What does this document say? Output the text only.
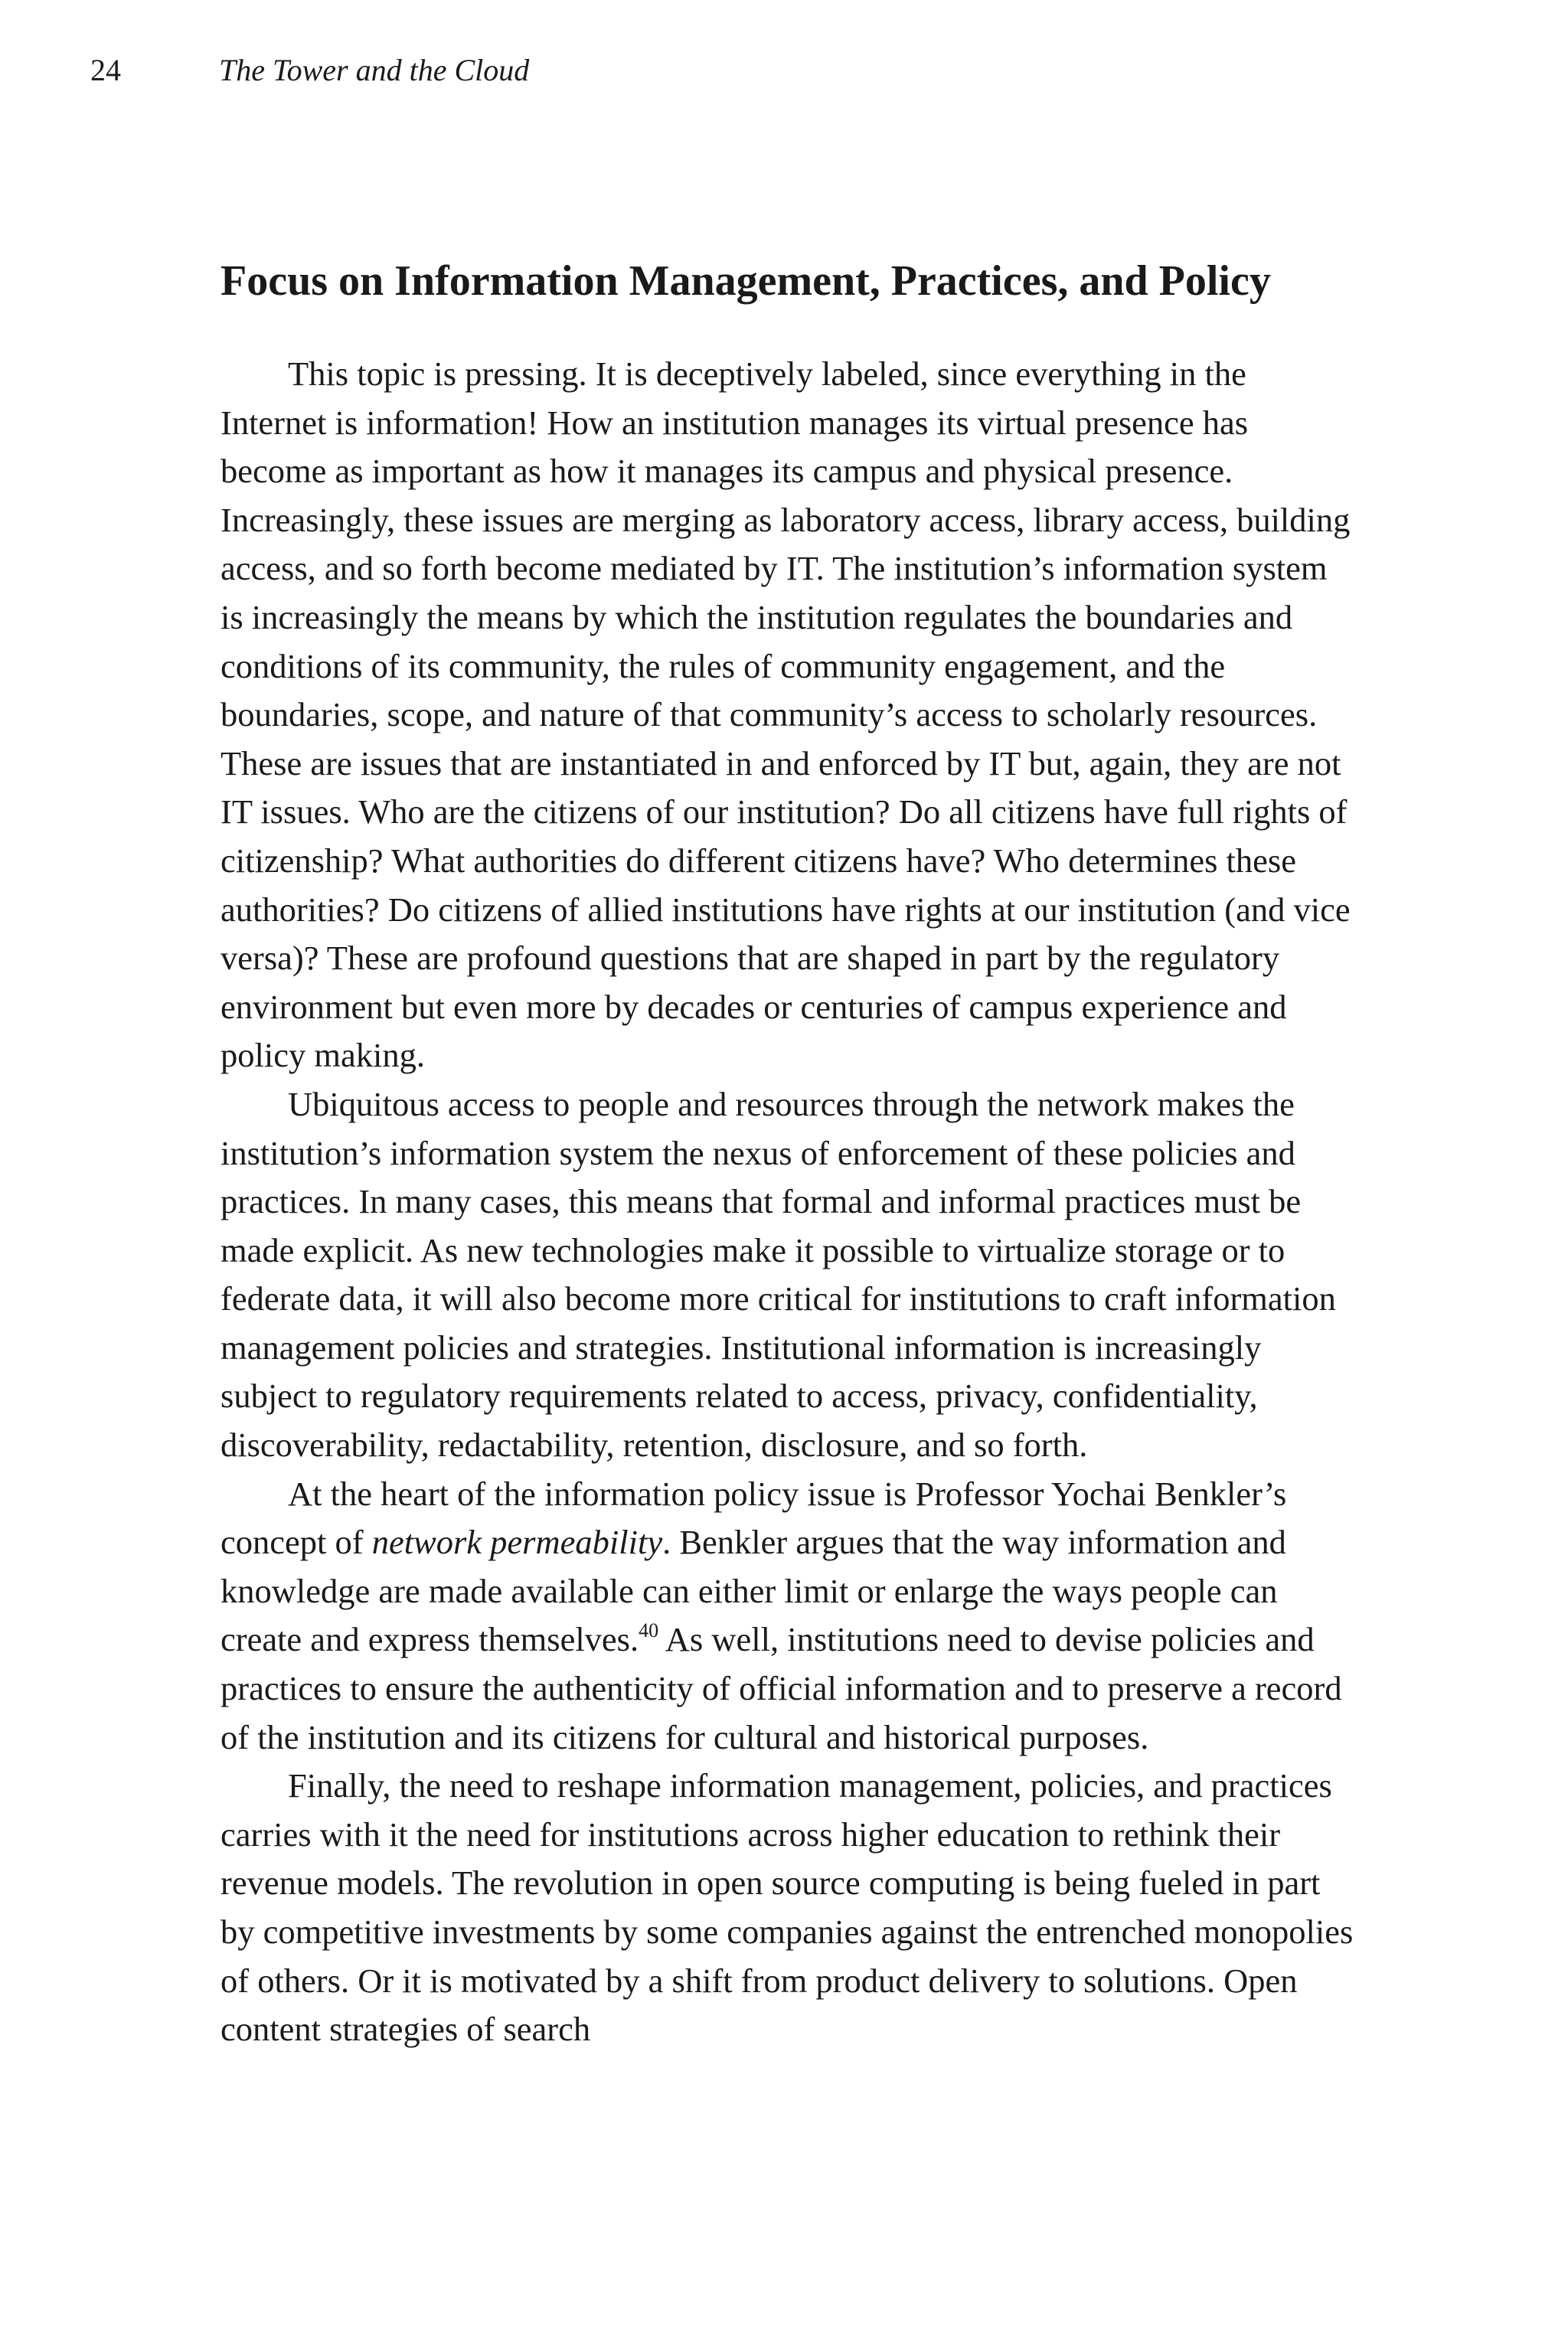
24	The Tower and the Cloud
Focus on Information Management, Practices, and Policy

This topic is pressing. It is deceptively labeled, since everything in the Internet is information! How an institution manages its virtual presence has become as important as how it manages its campus and physical presence. Increasingly, these issues are merging as laboratory access, library access, building access, and so forth become mediated by IT. The institution’s information system is increasingly the means by which the institution regulates the boundaries and conditions of its community, the rules of community engagement, and the boundaries, scope, and nature of that community’s access to scholarly resources. These are issues that are instantiated in and enforced by IT but, again, they are not IT issues. Who are the citizens of our institution? Do all citizens have full rights of citizenship? What authorities do different citizens have? Who determines these authorities? Do citizens of allied institutions have rights at our institution (and vice versa)? These are profound questions that are shaped in part by the regulatory environment but even more by decades or centuries of campus experience and policy making.

Ubiquitous access to people and resources through the network makes the institution’s information system the nexus of enforcement of these policies and practices. In many cases, this means that formal and informal practices must be made explicit. As new technologies make it possible to virtualize storage or to federate data, it will also become more critical for institutions to craft information management policies and strategies. Institutional information is increasingly subject to regulatory requirements related to access, privacy, confidentiality, discoverability, redactability, retention, disclosure, and so forth.

At the heart of the information policy issue is Professor Yochai Benkler’s concept of network permeability. Benkler argues that the way information and knowledge are made available can either limit or enlarge the ways people can create and express themselves.$^{40}$ As well, institutions need to devise policies and practices to ensure the authenticity of official information and to preserve a record of the institution and its citizens for cultural and historical purposes.

Finally, the need to reshape information management, policies, and practices carries with it the need for institutions across higher education to rethink their revenue models. The revolution in open source computing is being fueled in part by competitive investments by some companies against the entrenched monopolies of others. Or it is motivated by a shift from product delivery to solutions. Open content strategies of search
